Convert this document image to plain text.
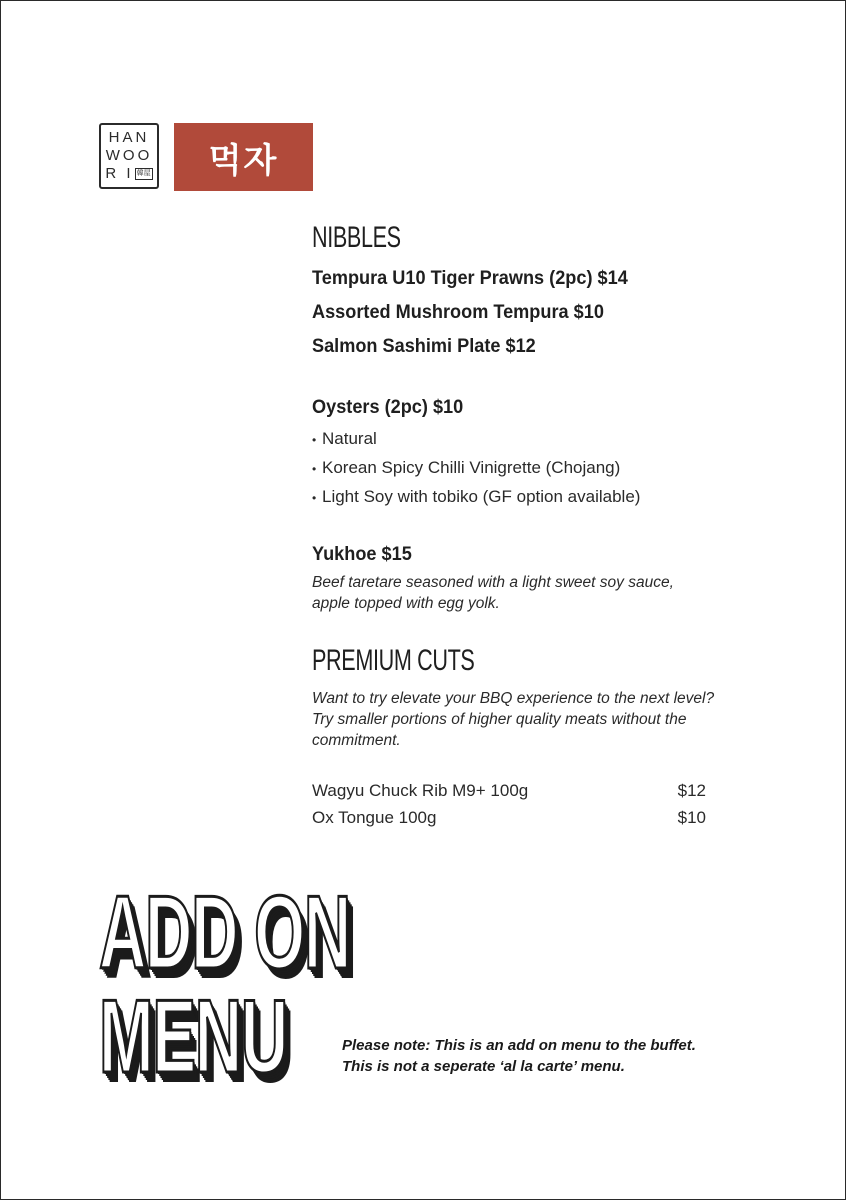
HAN
WOO
R I 韓屋	먹자
NIBBLES

Tempura U10 Tiger Prawns (2pc) $14

Assorted Mushroom Tempura $10

Salmon Sashimi Plate $12

Oysters (2pc) $10

• Natural
• Korean Spicy Chilli Vinigrette (Chojang)
• Light Soy with tobiko (GF option available)

Yukhoe $15

Beef taretare seasoned with a light sweet soy sauce, apple topped with egg yolk.

PREMIUM CUTS

Want to try elevate your BBQ experience to the next level? Try smaller portions of higher quality meats without the commitment.

Wagyu Chuck Rib M9+ 100g	$12
Ox Tongue 100g	$10
ADD ON
MENU	Please note: This is an add on menu to the buffet. This is not a seperate ‘al la carte’ menu.
